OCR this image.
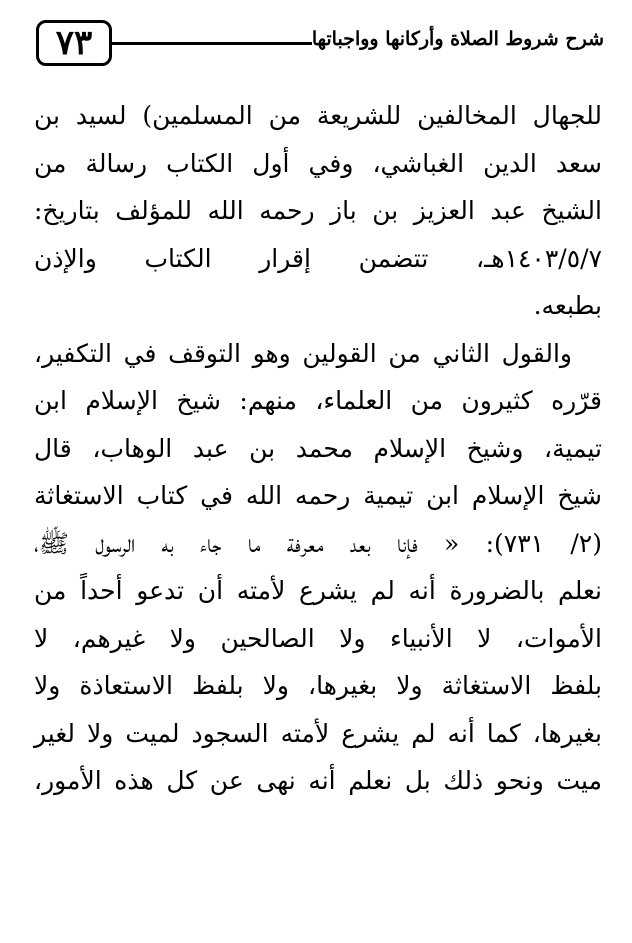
٧٣	شرح شروط الصلاة وأركانها وواجباتها

للجهال المخالفين للشريعة من المسلمين) لسيد بن
سعد الدين الغباشي، وفي أول الكتاب رسالة من
الشيخ عبد العزيز بن باز رحمه الله للمؤلف بتاريخ:
١٤٠٣/٥/٧هـ، تتضمن إقرار الكتاب والإذن
بطبعه.

والقول الثاني من القولين وهو التوقف في التكفير،
قرّره كثيرون من العلماء، منهم: شيخ الإسلام ابن
تيمية، وشيخ الإسلام محمد بن عبد الوهاب، قال
شيخ الإسلام ابن تيمية رحمه الله في كتاب الاستغاثة
(٢/ ٧٣١): « فإنا بعد معرفة ما جاء به الرسول ﷺ،
نعلم بالضرورة أنه لم يشرع لأمته أن تدعو أحداً من
الأموات، لا الأنبياء ولا الصالحين ولا غيرهم، لا
بلفظ الاستغاثة ولا بغيرها، ولا بلفظ الاستعاذة ولا
بغيرها، كما أنه لم يشرع لأمته السجود لميت ولا لغير
ميت ونحو ذلك بل نعلم أنه نهى عن كل هذه الأمور،
